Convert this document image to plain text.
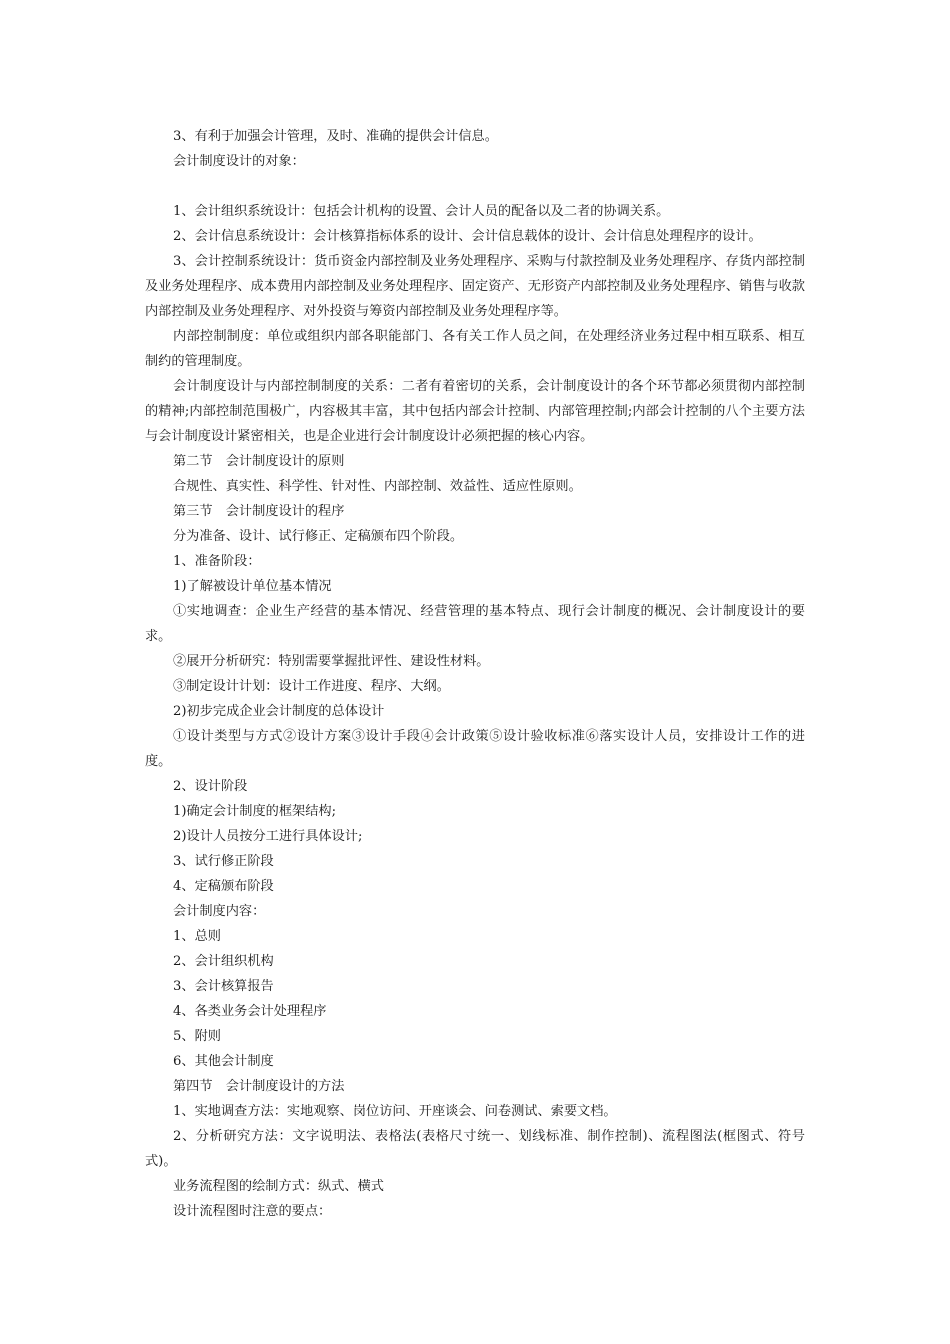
3、有利于加强会计管理，及时、准确的提供会计信息。

会计制度设计的对象：

1、会计组织系统设计：包括会计机构的设置、会计人员的配备以及二者的协调关系。

2、会计信息系统设计：会计核算指标体系的设计、会计信息载体的设计、会计信息处理程序的设计。

3、会计控制系统设计：货币资金内部控制及业务处理程序、采购与付款控制及业务处理程序、存货内部控制及业务处理程序、成本费用内部控制及业务处理程序、固定资产、无形资产内部控制及业务处理程序、销售与收款内部控制及业务处理程序、对外投资与筹资内部控制及业务处理程序等。

内部控制制度：单位或组织内部各职能部门、各有关工作人员之间，在处理经济业务过程中相互联系、相互制约的管理制度。

会计制度设计与内部控制制度的关系：二者有着密切的关系，会计制度设计的各个环节都必须贯彻内部控制的精神;内部控制范围极广，内容极其丰富，其中包括内部会计控制、内部管理控制;内部会计控制的八个主要方法与会计制度设计紧密相关，也是企业进行会计制度设计必须把握的核心内容。

第二节　会计制度设计的原则

合规性、真实性、科学性、针对性、内部控制、效益性、适应性原则。

第三节　会计制度设计的程序

分为准备、设计、试行修正、定稿颁布四个阶段。

1、准备阶段：

1)了解被设计单位基本情况

①实地调查：企业生产经营的基本情况、经营管理的基本特点、现行会计制度的概况、会计制度设计的要求。

②展开分析研究：特别需要掌握批评性、建设性材料。

③制定设计计划：设计工作进度、程序、大纲。

2)初步完成企业会计制度的总体设计

①设计类型与方式②设计方案③设计手段④会计政策⑤设计验收标准⑥落实设计人员，安排设计工作的进度。

2、设计阶段

1)确定会计制度的框架结构;

2)设计人员按分工进行具体设计;

3、试行修正阶段

4、定稿颁布阶段

会计制度内容：

1、总则

2、会计组织机构

3、会计核算报告

4、各类业务会计处理程序

5、附则

6、其他会计制度

第四节　会计制度设计的方法

1、实地调查方法：实地观察、岗位访问、开座谈会、问卷测试、索要文档。

2、分析研究方法：文字说明法、表格法(表格尺寸统一、划线标准、制作控制)、流程图法(框图式、符号式)。

业务流程图的绘制方式：纵式、横式

设计流程图时注意的要点：
